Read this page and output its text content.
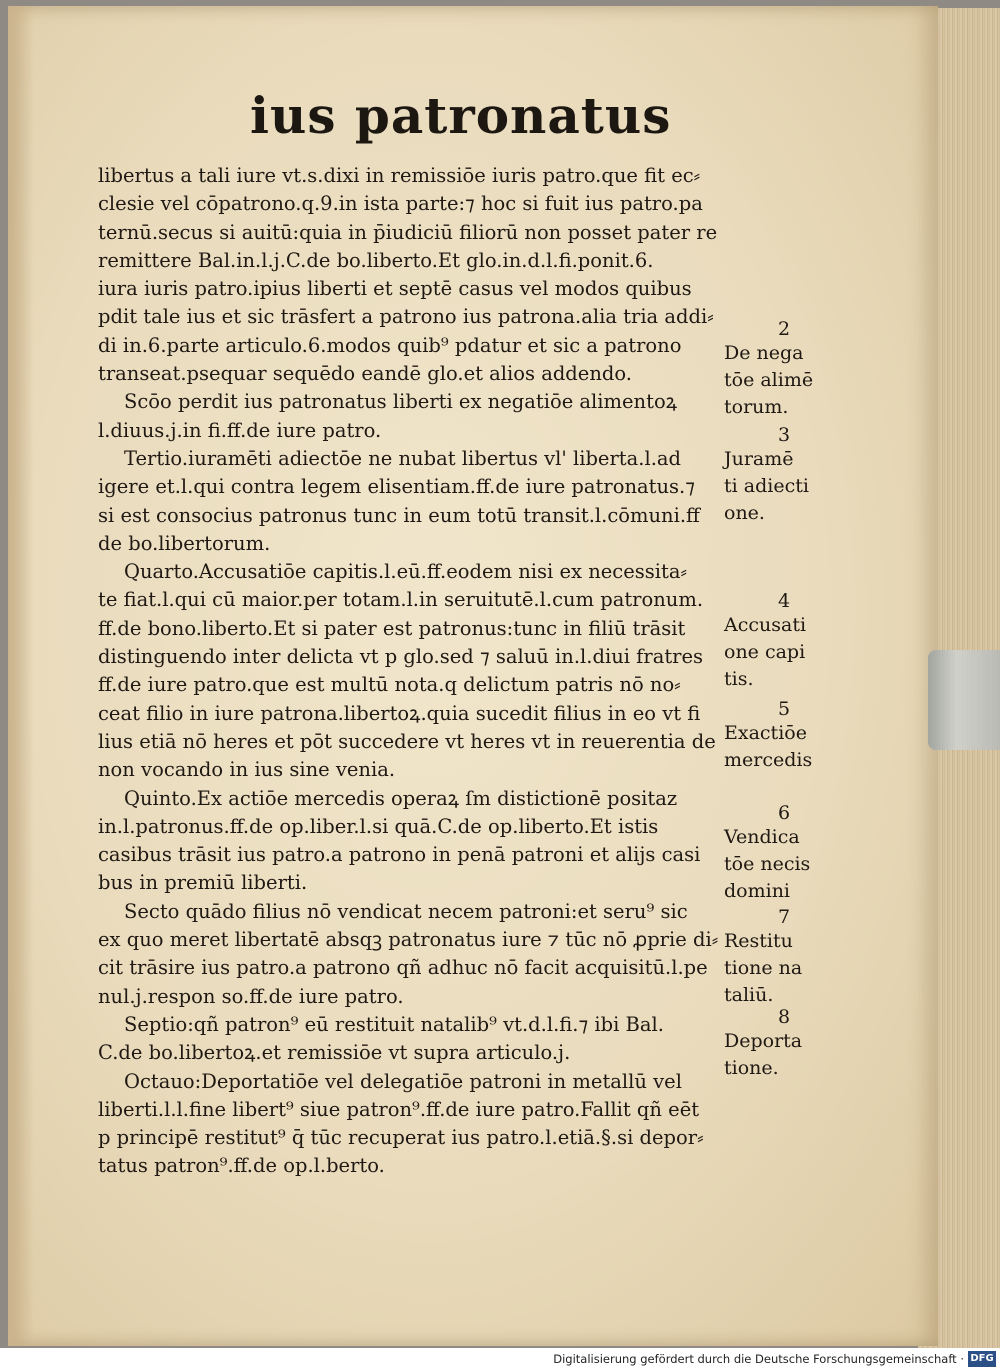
ius patronatus
libertus a tali iure vt.s.dixi in remissiōe iuris patro.que fit ec⸗
clesie vel cōpatrono.q.9.in ista parte:⁊ hoc si fuit ius patro.pa
ternū.secus si auitū:quia in p̄iudiciū filiorū non posset pater re
remittere Bal.in.l.j.C.de bo.liberto.Et glo.in.d.l.fi.ponit.6.
iura iuris patro.ipius liberti et septē casus vel modos quibus
pdit tale ius et sic trāsfert a patrono ius patrona.alia tria addi⸗
di in.6.parte articulo.6.modos quib⁹ pdatur et sic a patrono
transeat.psequar sequēdo eandē glo.et alios addendo.
Scōo perdit ius patronatus liberti ex negatiōe alimentoꝝ
l.diuus.j.in fi.ff.de iure patro.
Tertio.iuramēti adiectōe ne nubat libertus vl' liberta.l.ad
igere et.l.qui contra legem elisentiam.ff.de iure patronatus.⁊
si est consocius patronus tunc in eum totū transit.l.cōmuni.ff
de bo.libertorum.
Quarto.Accusatiōe capitis.l.eū.ff.eodem nisi ex necessita⸗
te fiat.l.qui cū maior.per totam.l.in seruitutē.l.cum patronum.
ff.de bono.liberto.Et si pater est patronus:tunc in filiū trāsit
distinguendo inter delicta vt p glo.sed ⁊ saluū in.l.diui fratres
ff.de iure patro.que est multū nota.q delictum patris nō no⸗
ceat filio in iure patrona.libertoꝝ.quia sucedit filius in eo vt fi
lius etiā nō heres et pōt succedere vt heres vt in reuerentia de
non vocando in ius sine venia.
Quinto.Ex actiōe mercedis operaꝝ ſm distictionē positaz
in.l.patronus.ff.de op.liber.l.si quā.C.de op.liberto.Et istis
casibus trāsit ius patro.a patrono in penā patroni et alijs casi
bus in premiū liberti.
Secto quādo filius nō vendicat necem patroni:et seru⁹ sic
ex quo meret libertatē absqꝫ patronatus iure ⁊ tūc nō ꝓprie di⸗
cit trāsire ius patro.a patrono qñ adhuc nō facit acquisitū.l.pe
nul.j.respon so.ff.de iure patro.
Septio:qñ patron⁹ eū restituit natalib⁹ vt.d.l.fi.⁊ ibi Bal.
C.de bo.libertoꝝ.et remissiōe vt supra articulo.j.
Octauo:Deportatiōe vel delegatiōe patroni in metallū vel
liberti.l.l.fine libert⁹ siue patron⁹.ff.de iure patro.Fallit qñ eēt
p principē restitut⁹ q̄ tūc recuperat ius patro.l.etiā.§.si depor⸗
tatus patron⁹.ff.de op.l.berto.
2
De nega
tōe alimē
torum.
3
Juramē
ti adiecti
one.
4
Accusati
one capi
tis.
5
Exactiōe
mercedis
6
Vendica
tōe necis
domini
7
Restitu
tione na
taliū.
8
Deporta
tione.
Digitalisierung gefördert durch die Deutsche Forschungsgemeinschaft · DFG
